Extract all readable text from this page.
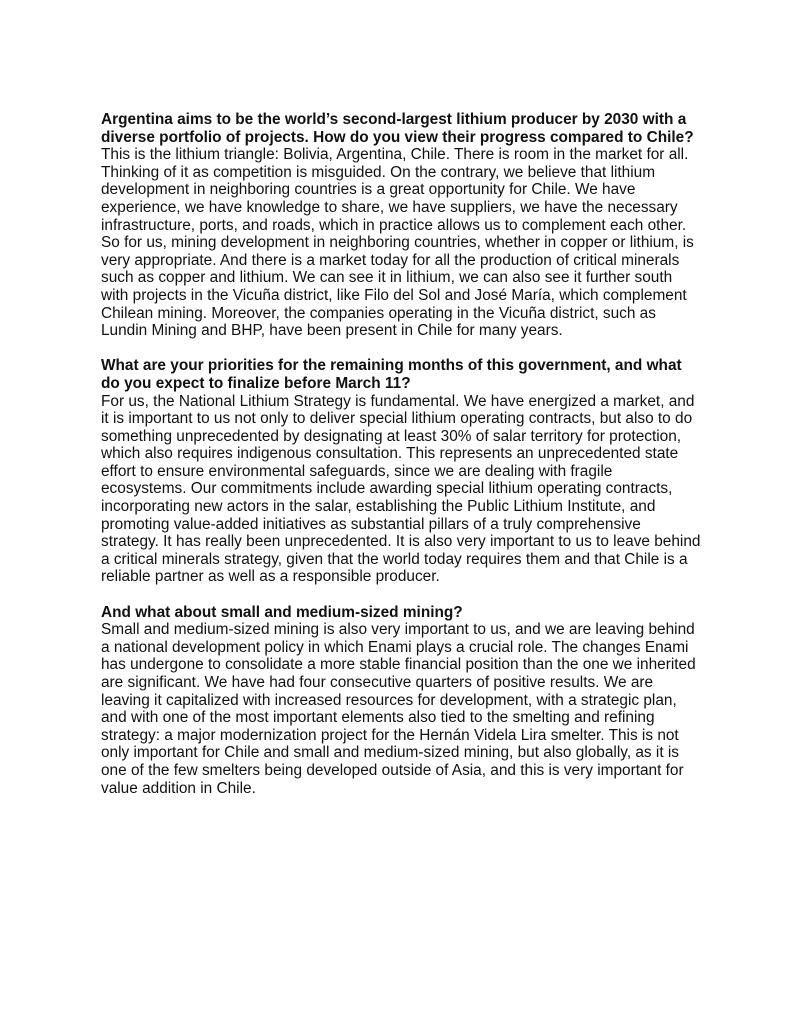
Argentina aims to be the world’s second-largest lithium producer by 2030 with a
diverse portfolio of projects. How do you view their progress compared to Chile?
This is the lithium triangle: Bolivia, Argentina, Chile. There is room in the market for all.
Thinking of it as competition is misguided. On the contrary, we believe that lithium
development in neighboring countries is a great opportunity for Chile. We have
experience, we have knowledge to share, we have suppliers, we have the necessary
infrastructure, ports, and roads, which in practice allows us to complement each other.
So for us, mining development in neighboring countries, whether in copper or lithium, is
very appropriate. And there is a market today for all the production of critical minerals
such as copper and lithium. We can see it in lithium, we can also see it further south
with projects in the Vicuña district, like Filo del Sol and José María, which complement
Chilean mining. Moreover, the companies operating in the Vicuña district, such as
Lundin Mining and BHP, have been present in Chile for many years.
What are your priorities for the remaining months of this government, and what
do you expect to finalize before March 11?
For us, the National Lithium Strategy is fundamental. We have energized a market, and
it is important to us not only to deliver special lithium operating contracts, but also to do
something unprecedented by designating at least 30% of salar territory for protection,
which also requires indigenous consultation. This represents an unprecedented state
effort to ensure environmental safeguards, since we are dealing with fragile
ecosystems. Our commitments include awarding special lithium operating contracts,
incorporating new actors in the salar, establishing the Public Lithium Institute, and
promoting value-added initiatives as substantial pillars of a truly comprehensive
strategy. It has really been unprecedented. It is also very important to us to leave behind
a critical minerals strategy, given that the world today requires them and that Chile is a
reliable partner as well as a responsible producer.
And what about small and medium-sized mining?
Small and medium-sized mining is also very important to us, and we are leaving behind
a national development policy in which Enami plays a crucial role. The changes Enami
has undergone to consolidate a more stable financial position than the one we inherited
are significant. We have had four consecutive quarters of positive results. We are
leaving it capitalized with increased resources for development, with a strategic plan,
and with one of the most important elements also tied to the smelting and refining
strategy: a major modernization project for the Hernán Videla Lira smelter. This is not
only important for Chile and small and medium-sized mining, but also globally, as it is
one of the few smelters being developed outside of Asia, and this is very important for
value addition in Chile.
